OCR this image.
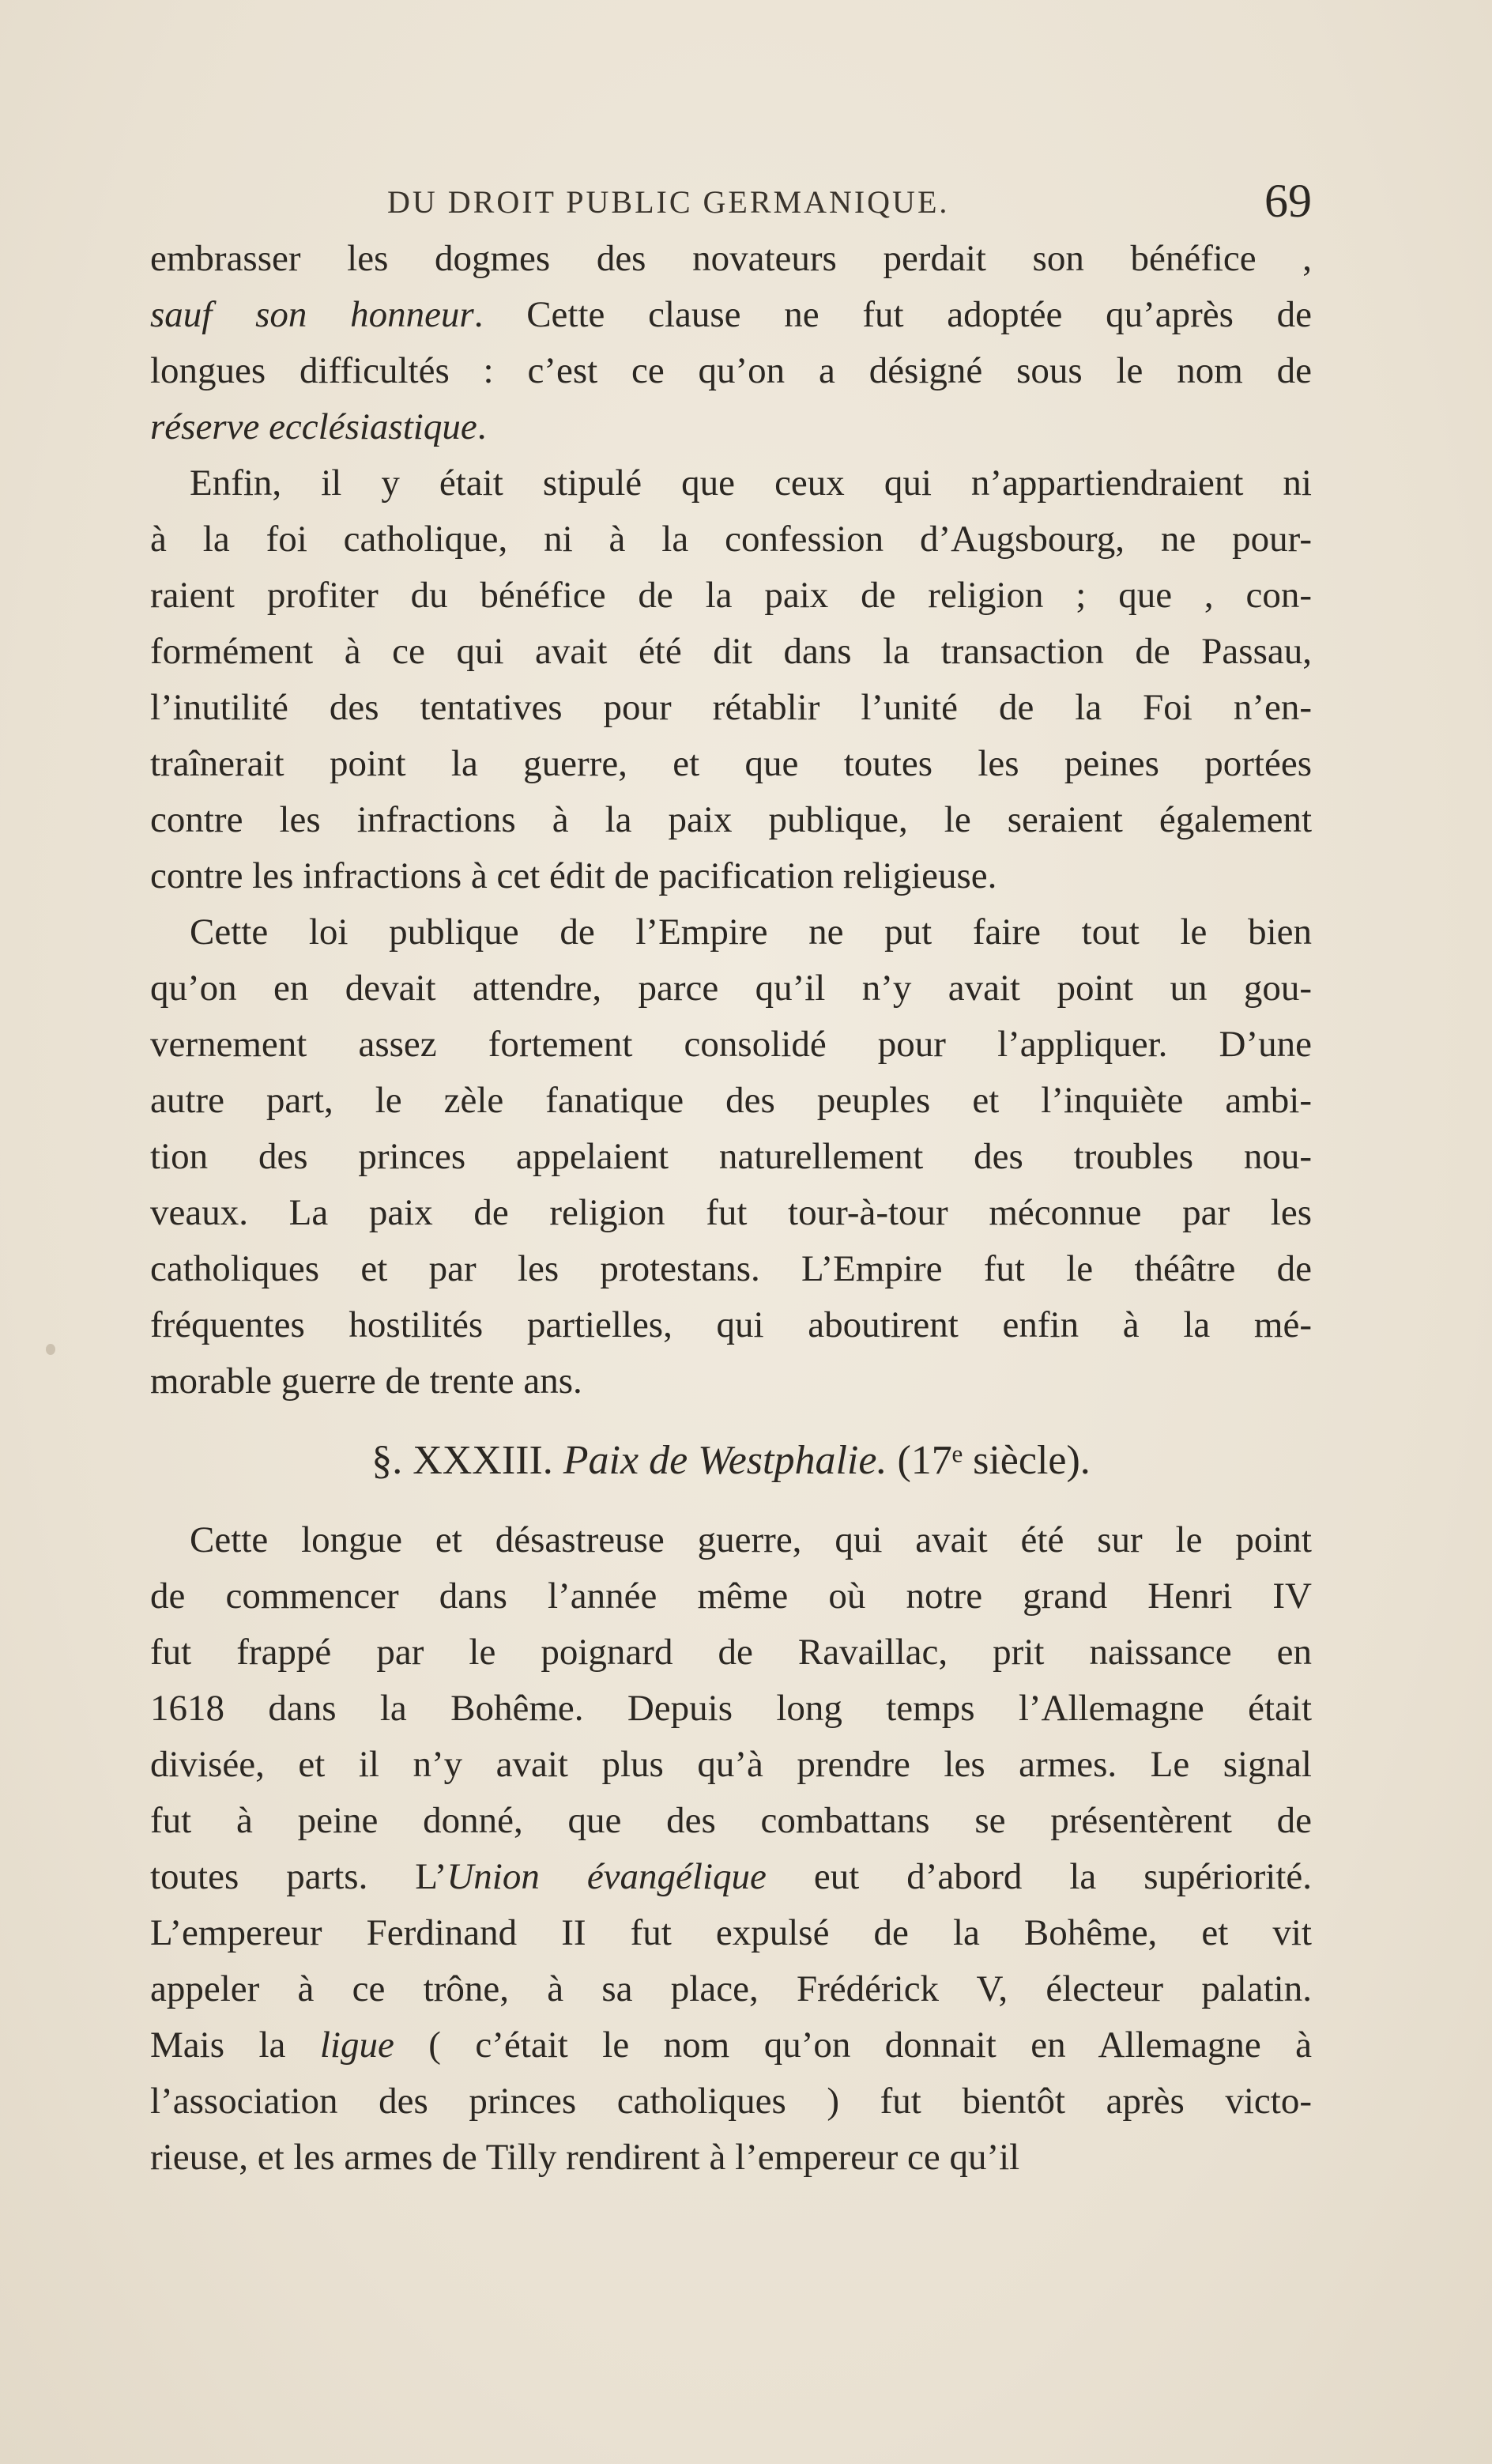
DU DROIT PUBLIC GERMANIQUE.	69
embrasser les dogmes des novateurs perdait son bénéfice ,
sauf son honneur. Cette clause ne fut adoptée qu’après de
longues difficultés : c’est ce qu’on a désigné sous le nom de
réserve ecclésiastique.
Enfin, il y était stipulé que ceux qui n’appartiendraient ni
à la foi catholique, ni à la confession d’Augsbourg, ne pour-
raient profiter du bénéfice de la paix de religion ; que , con-
formément à ce qui avait été dit dans la transaction de Passau,
l’inutilité des tentatives pour rétablir l’unité de la Foi n’en-
traînerait point la guerre, et que toutes les peines portées
contre les infractions à la paix publique, le seraient également
contre les infractions à cet édit de pacification religieuse.
Cette loi publique de l’Empire ne put faire tout le bien
qu’on en devait attendre, parce qu’il n’y avait point un gou-
vernement assez fortement consolidé pour l’appliquer. D’une
autre part, le zèle fanatique des peuples et l’inquiète ambi-
tion des princes appelaient naturellement des troubles nou-
veaux. La paix de religion fut tour-à-tour méconnue par les
catholiques et par les protestans. L’Empire fut le théâtre de
fréquentes hostilités partielles, qui aboutirent enfin à la mé-
morable guerre de trente ans.
§. XXXIII. Paix de Westphalie. (17ᵉ siècle).
Cette longue et désastreuse guerre, qui avait été sur le point
de commencer dans l’année même où notre grand Henri IV
fut frappé par le poignard de Ravaillac, prit naissance en
1618 dans la Bohême. Depuis long temps l’Allemagne était
divisée, et il n’y avait plus qu’à prendre les armes. Le signal
fut à peine donné, que des combattans se présentèrent de
toutes parts. L’Union évangélique eut d’abord la supériorité.
L’empereur Ferdinand II fut expulsé de la Bohême, et vit
appeler à ce trône, à sa place, Frédérick V, électeur palatin.
Mais la ligue ( c’était le nom qu’on donnait en Allemagne à
l’association des princes catholiques ) fut bientôt après victo-
rieuse, et les armes de Tilly rendirent à l’empereur ce qu’il
